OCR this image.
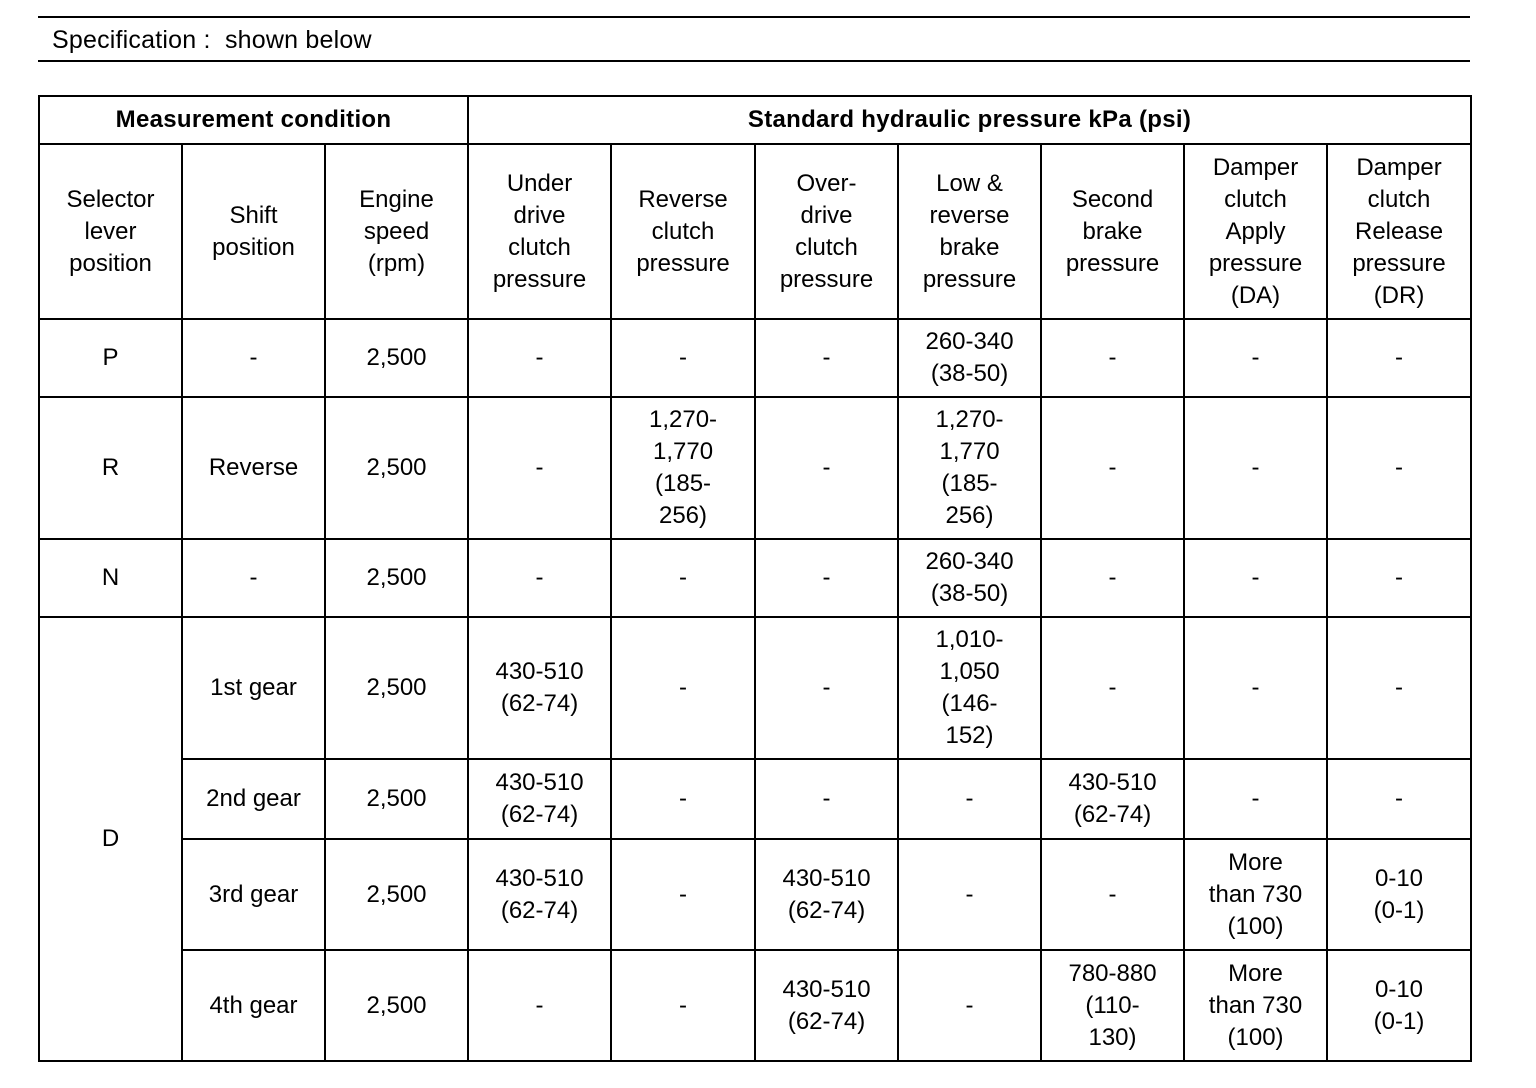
Specification : shown below
Measurement condition			Standard hydraulic pressure kPa (psi)						

Selector
lever
position	Shift
position	Engine
speed
(rpm)	Under
drive
clutch
pressure	Reverse
clutch
pressure	Over-
drive
clutch
pressure	Low &
reverse
brake
pressure	Second
brake
pressure	Damper
clutch
Apply
pressure
(DA)	Damper
clutch
Release
pressure
(DR)

P	-	2,500	-	-	-	260-340
(38-50)	-	-	-

R	Reverse	2,500	-	1,270-
1,770
(185-
256)	-	1,270-
1,770
(185-
256)	-	-	-

N	-	2,500	-	-	-	260-340
(38-50)	-	-	-

D	1st gear	2,500	430-510
(62-74)	-	-	1,010-
1,050
(146-
152)	-	-	-

	2nd gear	2,500	430-510
(62-74)	-	-	-	430-510
(62-74)	-	-

	3rd gear	2,500	430-510
(62-74)	-	430-510
(62-74)	-	-	More
than 730
(100)	0-10
(0-1)

	4th gear	2,500	-	-	430-510
(62-74)	-	780-880
(110-
130)	More
than 730
(100)	0-10
(0-1)
